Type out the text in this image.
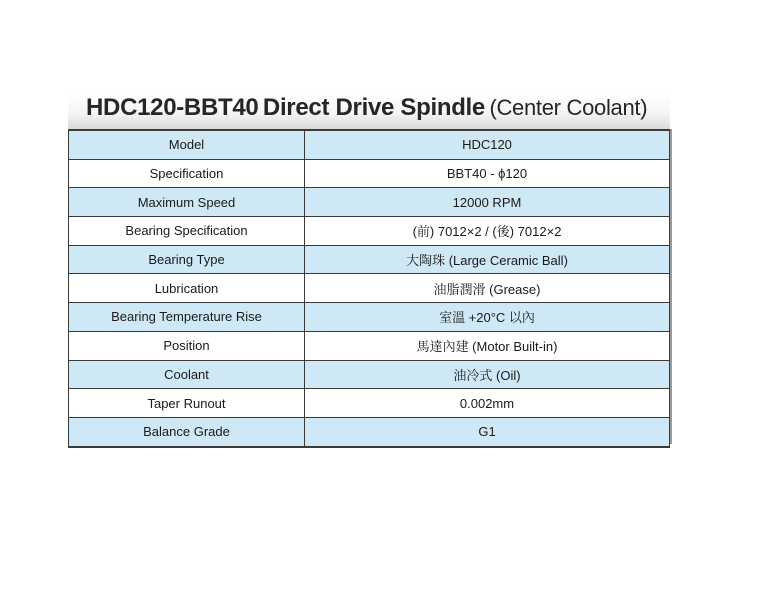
HDC120-BBT40 Direct Drive Spindle (Center Coolant)
Model	HDC120
Specification	BBT40 - ϕ120
Maximum Speed	12000 RPM
Bearing Specification	(前) 7012×2 / (後) 7012×2
Bearing Type	大陶珠 (Large Ceramic Ball)
Lubrication	油脂潤滑 (Grease)
Bearing Temperature Rise	室溫 +20°C 以內
Position	馬達內建 (Motor Built-in)
Coolant	油冷式 (Oil)
Taper Runout	0.002mm
Balance Grade	G1
